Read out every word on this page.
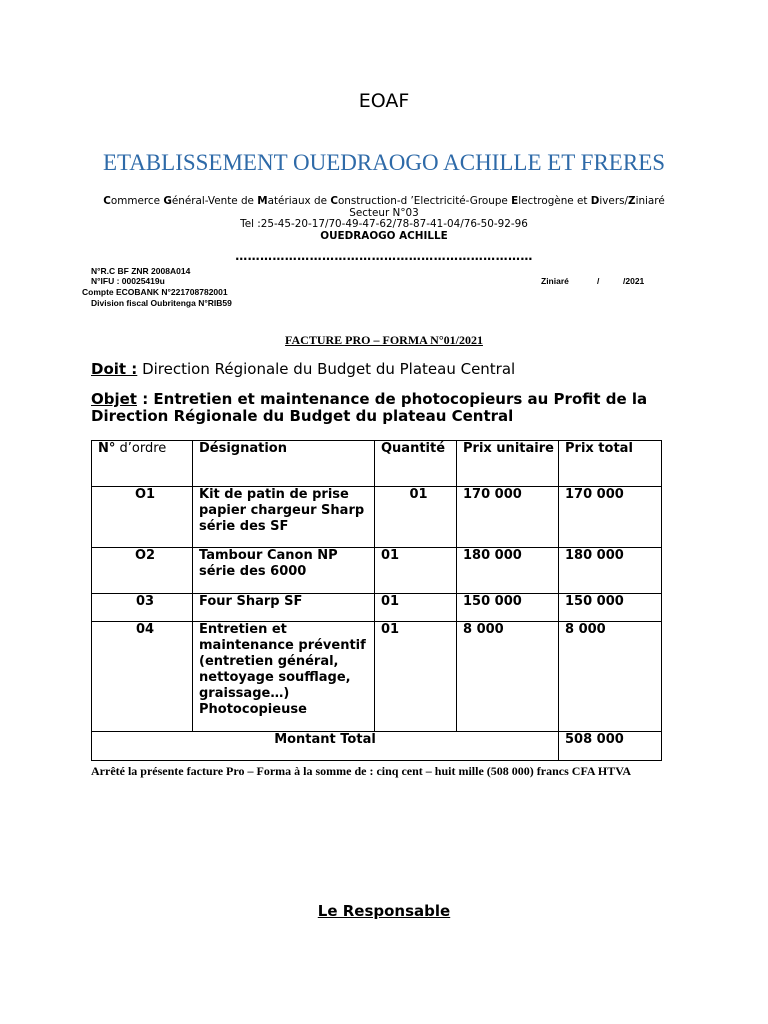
EOAF
ETABLISSEMENT OUEDRAOGO ACHILLE ET FRERES
Commerce Général-Vente de Matériaux de Construction-d ’Electricité-Groupe Electrogène et Divers/Ziniaré
Secteur N°03
Tel :25-45-20-17/70-49-47-62/78-87-41-04/76-50-92-96
OUEDRAOGO ACHILLE
………………………………………………………………
N°R.C BF ZNR 2008A014
N°IFU : 00025419u
Compte ECOBANK N°221708782001
Division fiscal Oubritenga N°RIB59
Ziniaré	/	/2021
FACTURE PRO – FORMA N°01/2021
Doit : Direction Régionale du Budget du Plateau Central
Objet : Entretien et maintenance de photocopieurs au Profit de la Direction Régionale du Budget du plateau Central
N° d’ordre	Désignation	Quantité	Prix unitaire	Prix total
O1	Kit de patin de prise papier chargeur Sharp série des SF	01	170 000	170 000
O2	Tambour Canon NP série des 6000	01	180 000	180 000
03	Four Sharp SF	01	150 000	150 000
04	Entretien et maintenance préventif (entretien général, nettoyage soufflage, graissage…) Photocopieuse	01	8 000	8 000
Montant Total				508 000
Arrêté la présente facture Pro – Forma à la somme de : cinq cent – huit mille (508 000) francs CFA HTVA
Le Responsable
